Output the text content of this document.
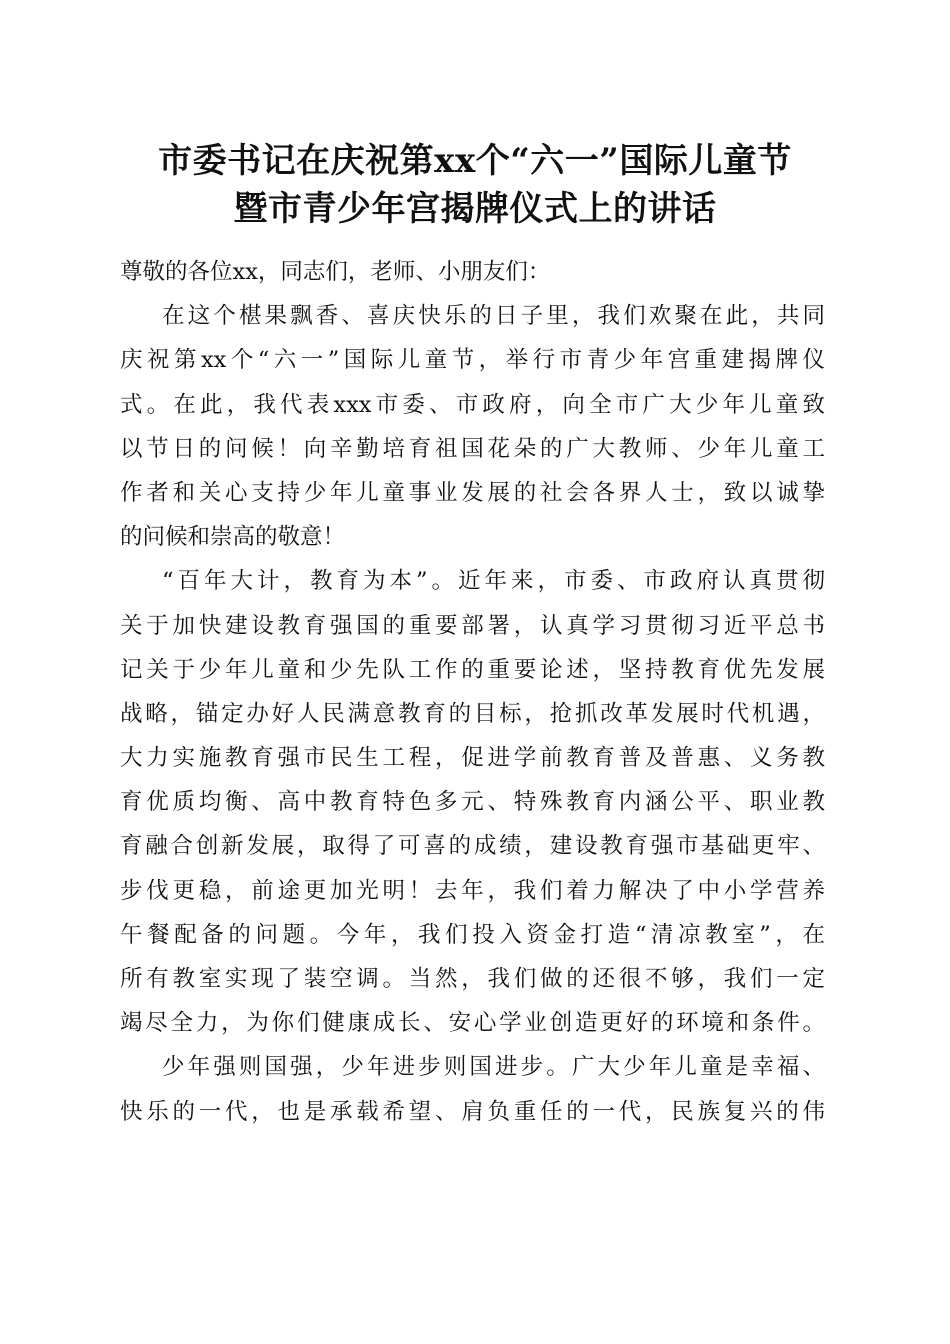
市委书记在庆祝第xx个“六一”国际儿童节
暨市青少年宫揭牌仪式上的讲话
尊敬的各位xx，同志们，老师、小朋友们：
在这个椹果飘香、喜庆快乐的日子里，我们欢聚在此，共同
庆祝第xx个“六一”国际儿童节，举行市青少年宫重建揭牌仪
式。在此，我代表xxx市委、市政府，向全市广大少年儿童致
以节日的问候！向辛勤培育祖国花朵的广大教师、少年儿童工
作者和关心支持少年儿童事业发展的社会各界人士，致以诚挚
的问候和崇高的敬意！
“百年大计，教育为本”。近年来，市委、市政府认真贯彻
关于加快建设教育强国的重要部署，认真学习贯彻习近平总书
记关于少年儿童和少先队工作的重要论述，坚持教育优先发展
战略，锚定办好人民满意教育的目标，抢抓改革发展时代机遇，
大力实施教育强市民生工程，促进学前教育普及普惠、义务教
育优质均衡、高中教育特色多元、特殊教育内涵公平、职业教
育融合创新发展，取得了可喜的成绩，建设教育强市基础更牢、
步伐更稳，前途更加光明！去年，我们着力解决了中小学营养
午餐配备的问题。今年，我们投入资金打造“清凉教室”，在
所有教室实现了装空调。当然，我们做的还很不够，我们一定
竭尽全力，为你们健康成长、安心学业创造更好的环境和条件。
少年强则国强，少年进步则国进步。广大少年儿童是幸福、
快乐的一代，也是承载希望、肩负重任的一代，民族复兴的伟
